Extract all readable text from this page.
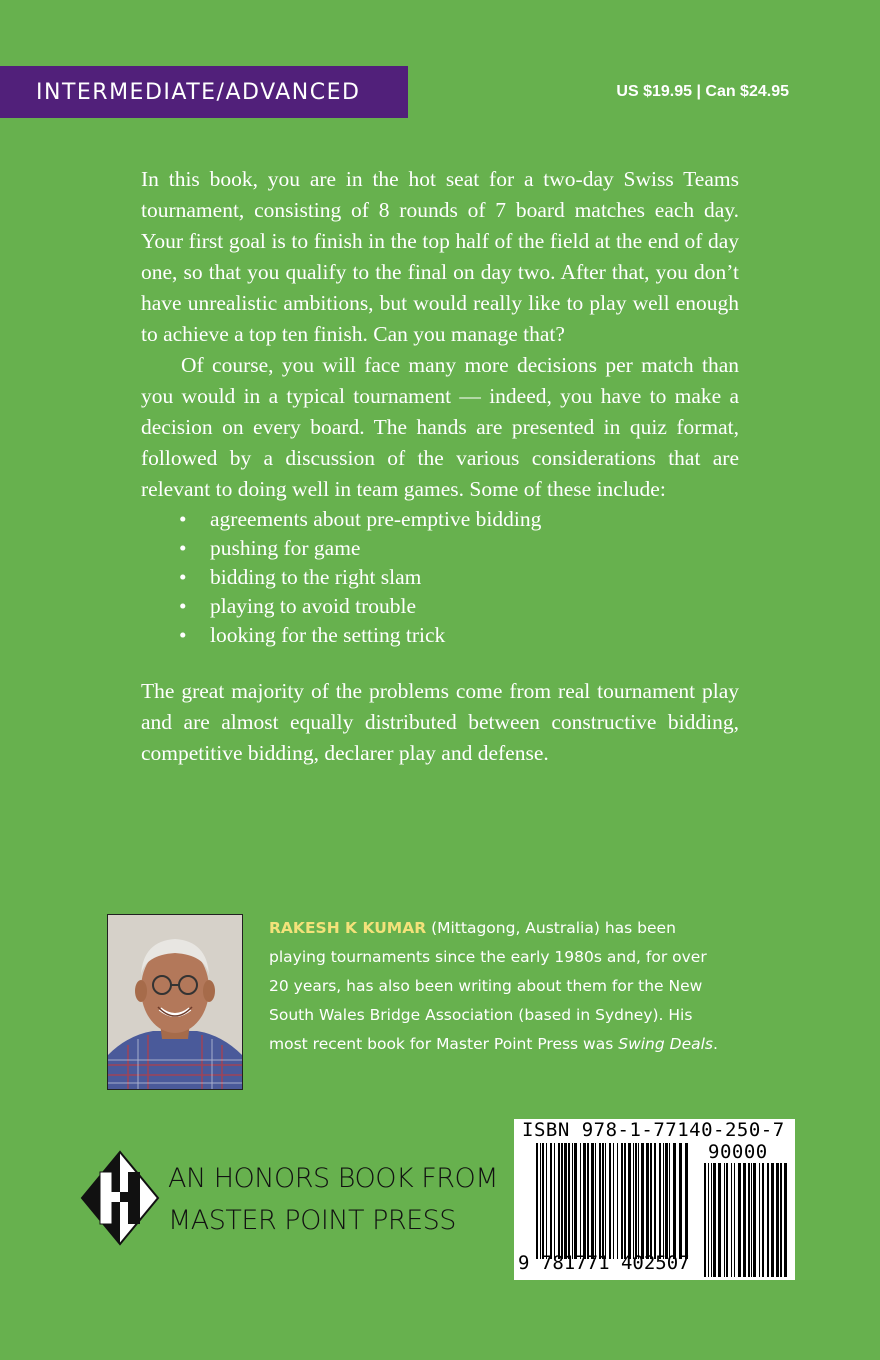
INTERMEDIATE/ADVANCED	US $19.95 | Can $24.95

In this book, you are in the hot seat for a two-day Swiss Teams tournament, consisting of 8 rounds of 7 board matches each day. Your first goal is to finish in the top half of the field at the end of day one, so that you qualify to the final on day two. After that, you don’t have unrealistic ambitions, but would really like to play well enough to achieve a top ten finish. Can you manage that?

Of course, you will face many more decisions per match than you would in a typical tournament — indeed, you have to make a decision on every board. The hands are presented in quiz format, followed by a discussion of the various considerations that are relevant to doing well in team games. Some of these include:

• agreements about pre-emptive bidding
• pushing for game
• bidding to the right slam
• playing to avoid trouble
• looking for the setting trick

The great majority of the problems come from real tournament play and are almost equally distributed between constructive bidding, competitive bidding, declarer play and defense.

RAKESH K KUMAR (Mittagong, Australia) has been playing tournaments since the early 1980s and, for over 20 years, has also been writing about them for the New South Wales Bridge Association (based in Sydney). His most recent book for Master Point Press was Swing Deals.
AN HONORS BOOK FROM
MASTER POINT PRESS
ISBN 978-1-77140-250-7
90000
9 781771 402507
